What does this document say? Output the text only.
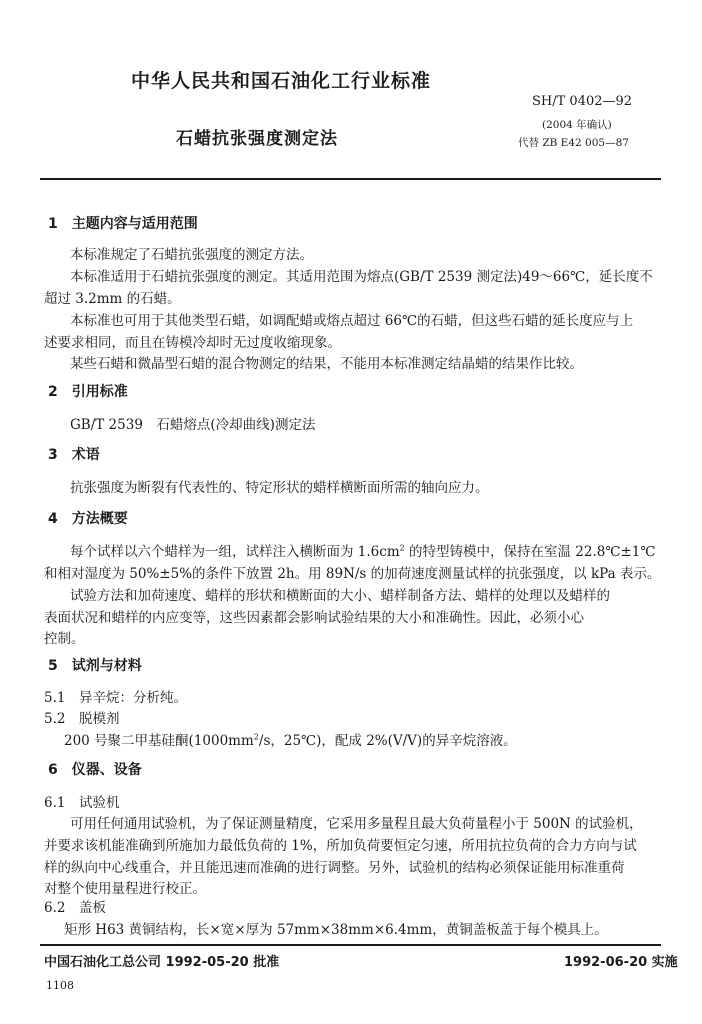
中华人民共和国石油化工行业标准
SH/T 0402—92
(2004 年确认)
代替 ZB E42 005—87
石蜡抗张强度测定法
1　主题内容与适用范围
本标准规定了石蜡抗张强度的测定方法。
本标准适用于石蜡抗张强度的测定。其适用范围为熔点(GB/T 2539 测定法)49～66℃，延长度不
超过 3.2mm 的石蜡。
本标准也可用于其他类型石蜡，如调配蜡或熔点超过 66℃的石蜡，但这些石蜡的延长度应与上
述要求相同，而且在铸模冷却时无过度收缩现象。
某些石蜡和微晶型石蜡的混合物测定的结果，不能用本标准测定结晶蜡的结果作比较。
2　引用标准
GB/T 2539　石蜡熔点(冷却曲线)测定法
3　术语
抗张强度为断裂有代表性的、特定形状的蜡样横断面所需的轴向应力。
4　方法概要
每个试样以六个蜡样为一组，试样注入横断面为 $1.6cm^2$ 的特型铸模中，保持在室温 22.8℃±1℃
和相对湿度为 50%±5%的条件下放置 2h。用 89N/s 的加荷速度测量试样的抗张强度，以 kPa 表示。
试验方法和加荷速度、蜡样的形状和横断面的大小、蜡样制备方法、蜡样的处理以及蜡样的
表面状况和蜡样的内应变等，这些因素都会影响试验结果的大小和准确性。因此，必须小心
控制。
5　试剂与材料
5.1　异辛烷：分析纯。
5.2　脱模剂
200 号聚二甲基硅酮($1000mm^2/s$，25℃)，配成 2%(V/V)的异辛烷溶液。
6　仪器、设备
6.1　试验机
可用任何通用试验机，为了保证测量精度，它采用多量程且最大负荷量程小于 500N 的试验机，
并要求该机能准确到所施加力最低负荷的 1%，所加负荷要恒定匀速，所用抗拉负荷的合力方向与试
样的纵向中心线重合，并且能迅速而准确的进行调整。另外，试验机的结构必须保证能用标准重荷
对整个使用量程进行校正。
6.2　盖板
矩形 H63 黄铜结构，长×宽×厚为 57mm×38mm×6.4mm，黄铜盖板盖于每个模具上。
中国石油化工总公司 1992-05-20 批准	1992-06-20 实施
1108
